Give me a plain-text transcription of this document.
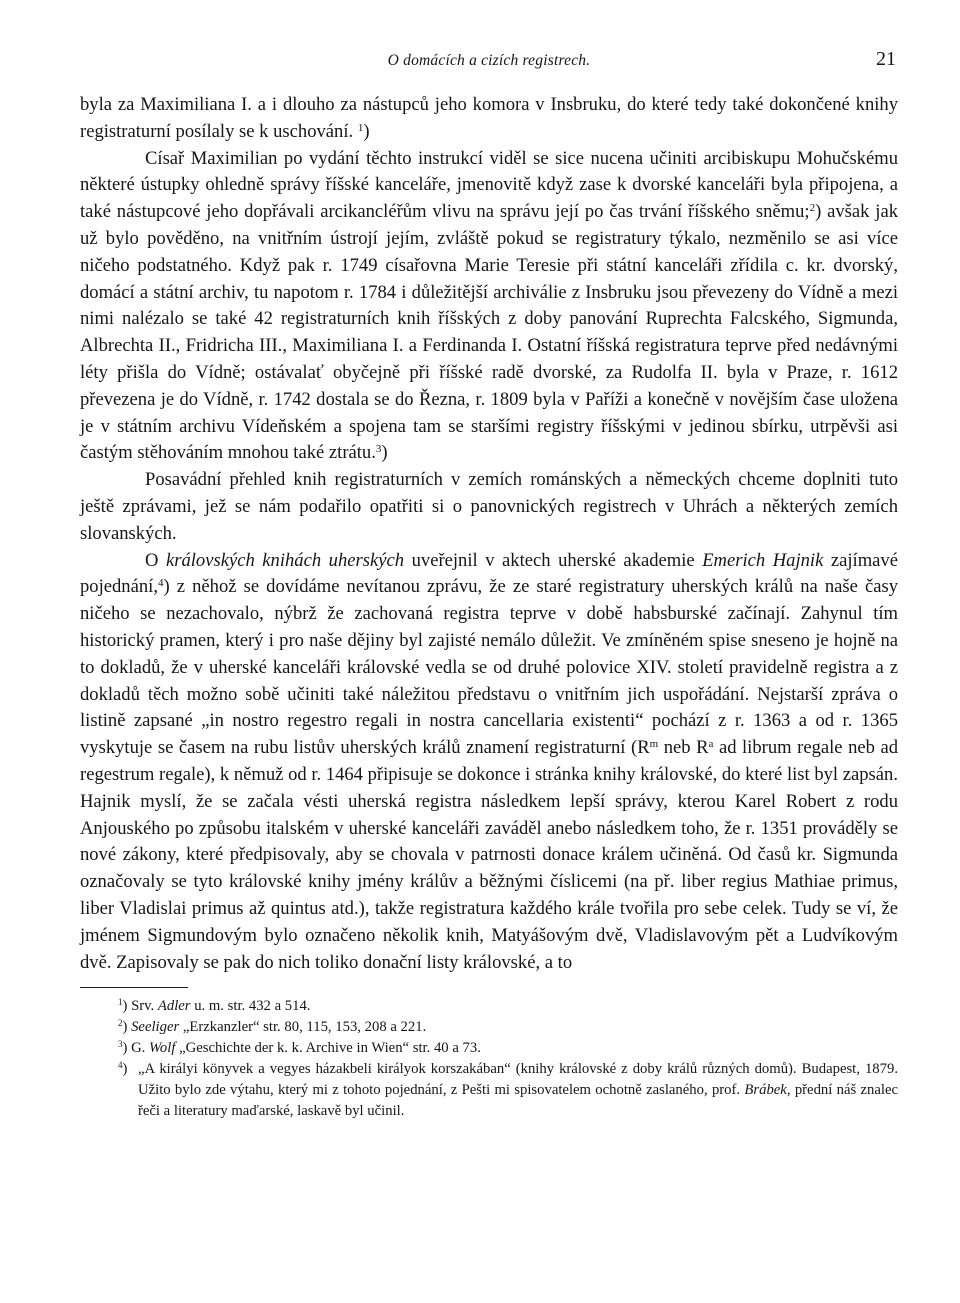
O domácích a cizích registrech.	21

byla za Maximiliana I. a i dlouho za nástupců jeho komora v Insbruku, do které tedy také dokončené knihy registraturní posílaly se k uschování. $^1$)

Císař Maximilian po vydání těchto instrukcí viděl se sice nucena učiniti arcibiskupu Mohučskému některé ústupky ohledně správy říšské kanceláře, jmenovitě když zase k dvorské kanceláři byla připojena, a také nástupcové jeho dopřávali arcikancléřům vlivu na správu její po čas trvání říšského sněmu;$^2$) avšak jak už bylo pověděno, na vnitřním ústrojí jejím, zvláště pokud se registratury týkalo, nezměnilo se asi více ničeho podstatného. Když pak r. 1749 císařovna Marie Teresie při státní kanceláři zřídila c. kr. dvorský, domácí a státní archiv, tu napotom r. 1784 i důležitější archiválie z Insbruku jsou převezeny do Vídně a mezi nimi nalézalo se také 42 registraturních knih říšských z doby panování Ruprechta Falcského, Sigmunda, Albrechta II., Fridricha III., Maximiliana I. a Ferdinanda I. Ostatní říšská registratura teprve před nedávnými léty přišla do Vídně; ostávalať obyčejně při říšské radě dvorské, za Rudolfa II. byla v Praze, r. 1612 převezena je do Vídně, r. 1742 dostala se do Řezna, r. 1809 byla v Paříži a konečně v novějším čase uložena je v státním archivu Vídeňském a spojena tam se staršími registry říšskými v jedinou sbírku, utrpěvši asi častým stěhováním mnohou také ztrátu.$^3$)

Posavádní přehled knih registraturních v zemích románských a německých chceme doplniti tuto ještě zprávami, jež se nám podařilo opatřiti si o panovnických registrech v Uhrách a některých zemích slovanských.

O královských knihách uherských uveřejnil v aktech uherské akademie Emerich Hajnik zajímavé pojednání,$^4$) z něhož se dovídáme nevítanou zprávu, že ze staré registratury uherských králů na naše časy ničeho se nezachovalo, nýbrž že zachovaná registra teprve v době habsburské začínají. Zahynul tím historický pramen, který i pro naše dějiny byl zajisté nemálo důležit. Ve zmíněném spise sneseno je hojně na to dokladů, že v uherské kanceláři královské vedla se od druhé polovice XIV. století pravidelně registra a z dokladů těch možno sobě učiniti také náležitou představu o vnitřním jich uspořádání. Nejstarší zpráva o listině zapsané „in nostro regestro regali in nostra cancellaria existenti“ pochází z r. 1363 a od r. 1365 vyskytuje se časem na rubu listův uherských králů znamení registraturní ($R^m$ neb $R^a$ ad librum regale neb ad regestrum regale), k němuž od r. 1464 připisuje se dokonce i stránka knihy královské, do které list byl zapsán. Hajnik myslí, že se začala vésti uherská registra následkem lepší správy, kterou Karel Robert z rodu Anjouského po způsobu italském v uherské kanceláři zaváděl anebo následkem toho, že r. 1351 prováděly se nové zákony, které předpisovaly, aby se chovala v patrnosti donace králem učiněná. Od časů kr. Sigmunda označovaly se tyto královské knihy jmény králův a běžnými číslicemi (na př. liber regius Mathiae primus, liber Vladislai primus až quintus atd.), takže registratura každého krále tvořila pro sebe celek. Tudy se ví, že jménem Sigmundovým bylo označeno několik knih, Matyášovým dvě, Vladislavovým pět a Ludvíkovým dvě. Zapisovaly se pak do nich toliko donační listy královské, a to

$^1$) Srv. Adler u. m. str. 432 a 514.

$^2$) Seeliger „Erzkanzler“ str. 80, 115, 153, 208 a 221.

$^3$) G. Wolf „Geschichte der k. k. Archive in Wien“ str. 40 a 73.

$^4$) „A királyi könyvek a vegyes házakbeli királyok korszakában“ (knihy královské z doby králů různých domů). Budapest, 1879. Užito bylo zde výtahu, který mi z tohoto pojednání, z Pešti mi spisovatelem ochotně zaslaného, prof. Brábek, přední náš znalec řeči a literatury maďarské, laskavě byl učinil.
